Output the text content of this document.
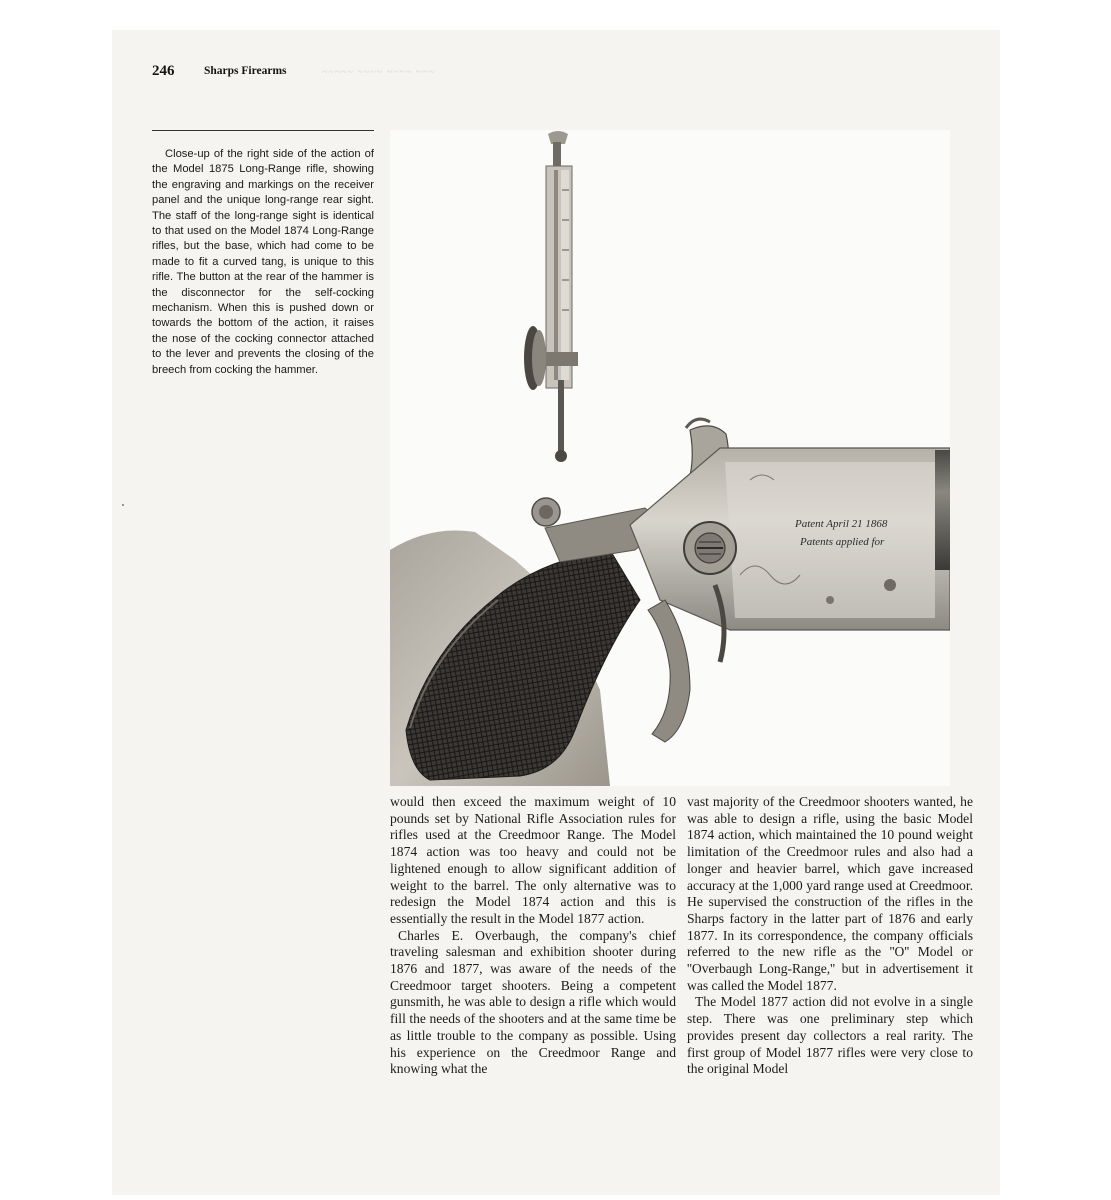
246	Sharps Firearms	~~~~~ ~~~~ ~~~~ ~~~

Close-up of the right side of the action of the Model 1875 Long-Range rifle, showing the engraving and markings on the receiver panel and the unique long-range rear sight. The staff of the long-range sight is identical to that used on the Model 1874 Long-Range rifles, but the base, which had come to be made to fit a curved tang, is unique to this rifle. The button at the rear of the hammer is the disconnector for the self-cocking mechanism. When this is pushed down or towards the bottom of the action, it raises the nose of the cocking connector attached to the lever and prevents the closing of the breech from cocking the hammer.

Patent April 21 1868
Patents applied for

would then exceed the maximum weight of 10 pounds set by National Rifle Association rules for rifles used at the Creedmoor Range. The Model 1874 action was too heavy and could not be lightened enough to allow significant addition of weight to the barrel. The only alternative was to redesign the Model 1874 action and this is essentially the result in the Model 1877 action.

Charles E. Overbaugh, the company's chief traveling salesman and exhibition shooter during 1876 and 1877, was aware of the needs of the Creedmoor target shooters. Being a competent gunsmith, he was able to design a rifle which would fill the needs of the shooters and at the same time be as little trouble to the company as possible. Using his experience on the Creedmoor Range and knowing what the

vast majority of the Creedmoor shooters wanted, he was able to design a rifle, using the basic Model 1874 action, which maintained the 10 pound weight limitation of the Creedmoor rules and also had a longer and heavier barrel, which gave increased accuracy at the 1,000 yard range used at Creedmoor. He supervised the construction of the rifles in the Sharps factory in the latter part of 1876 and early 1877. In its correspondence, the company officials referred to the new rifle as the ''O'' Model or ''Overbaugh Long-Range,'' but in advertisement it was called the Model 1877.

The Model 1877 action did not evolve in a single step. There was one preliminary step which provides present day collectors a real rarity. The first group of Model 1877 rifles were very close to the original Model
